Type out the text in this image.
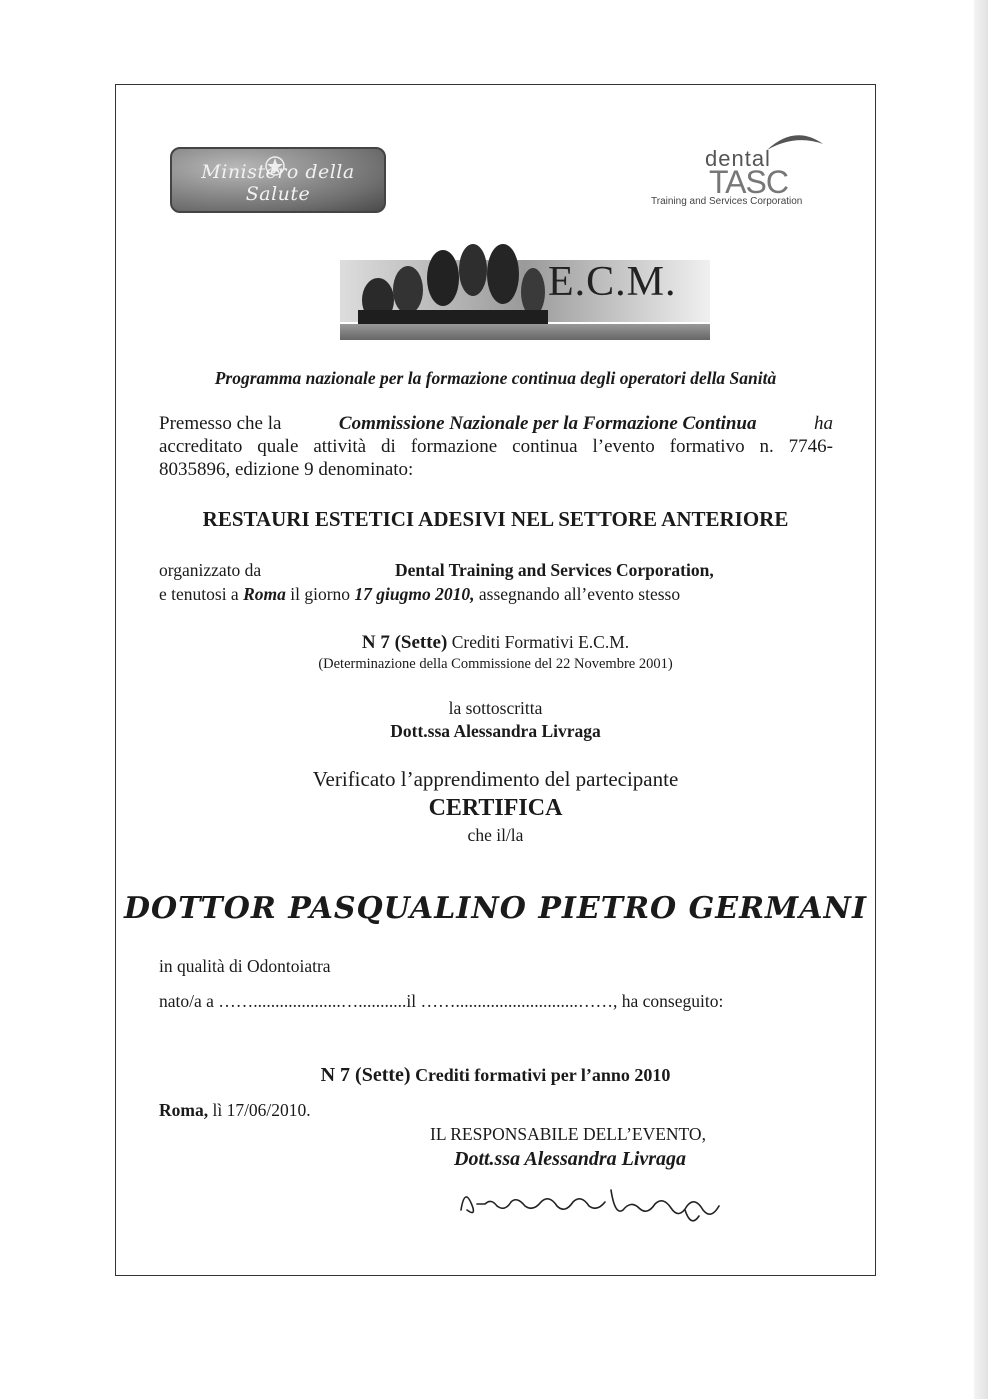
Ministero della Salute
dental
TASC
Training and Services Corporation
E.C.M.
Programma nazionale per la formazione continua degli operatori della Sanità
Premesso che la	Commissione Nazionale per la Formazione Continua	ha
accreditato quale attività di formazione continua l’evento formativo n. 7746-
8035896, edizione 9 denominato:
RESTAURI ESTETICI ADESIVI NEL SETTORE ANTERIORE
organizzato da	Dental Training and Services Corporation,
e tenutosi a Roma il giorno 17 giugmo 2010, assegnando all’evento stesso
N 7 (Sette) Crediti Formativi E.C.M.
(Determinazione della Commissione del 22 Novembre 2001)
la sottoscritta
Dott.ssa Alessandra Livraga
Verificato l’apprendimento del partecipante
CERTIFICA
che il/la
DOTTOR PASQUALINO PIETRO GERMANI
in qualità di Odontoiatra
nato/a a ……....................…...........il ……............................……, ha conseguito:
N 7 (Sette) Crediti formativi per l’anno 2010
Roma, lì 17/06/2010.
IL RESPONSABILE DELL’EVENTO,
Dott.ssa Alessandra Livraga
